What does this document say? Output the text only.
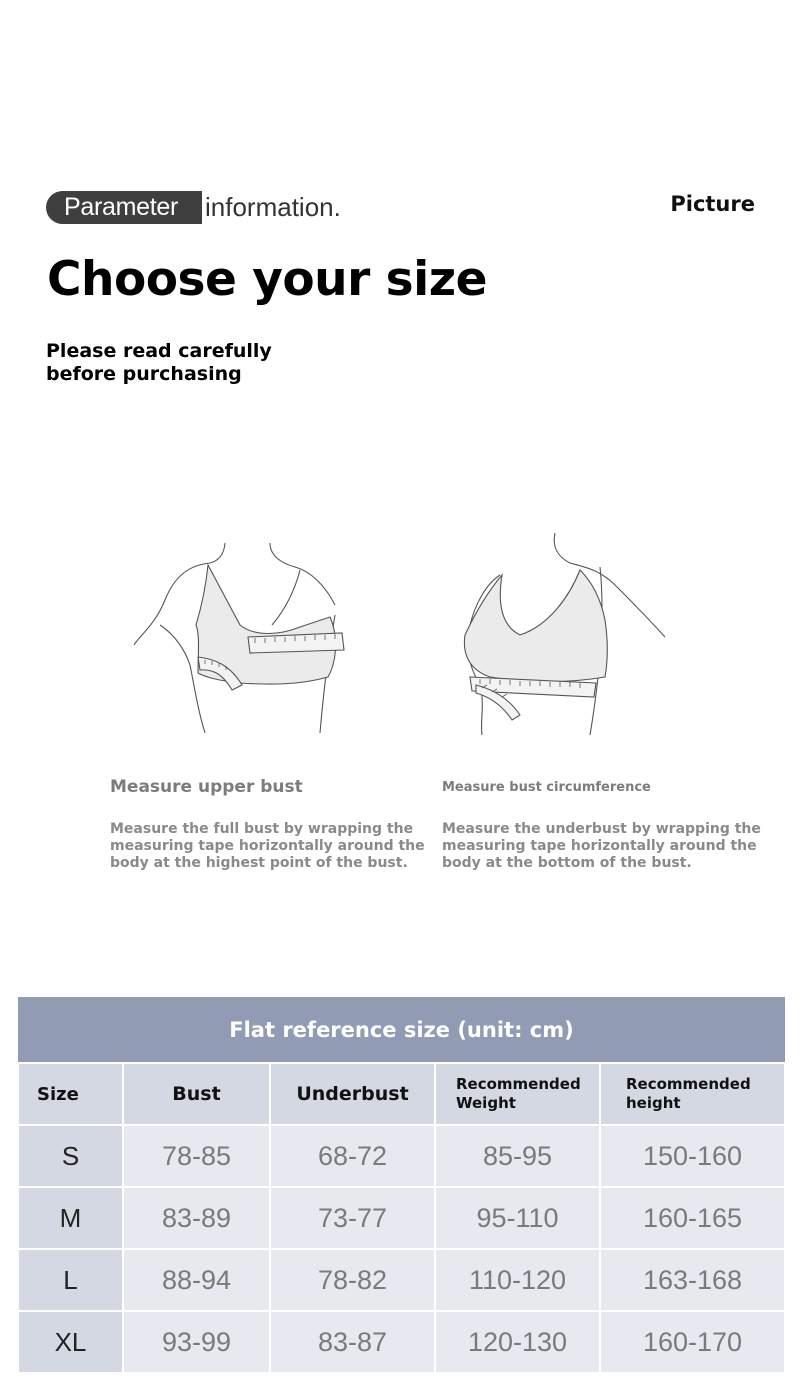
Parameter	information.	Picture
Choose your size

Please read carefully before purchasing

Measure upper bust
Measure the full bust by wrapping the measuring tape horizontally around the body at the highest point of the bust.
Measure bust circumference
Measure the underbust by wrapping the measuring tape horizontally around the body at the bottom of the bust.
Flat reference size (unit: cm)				
Size	Bust	Underbust	Recommended Weight	Recommended height
S	78-85	68-72	85-95	150-160
M	83-89	73-77	95-110	160-165
L	88-94	78-82	110-120	163-168
XL	93-99	83-87	120-130	160-170
